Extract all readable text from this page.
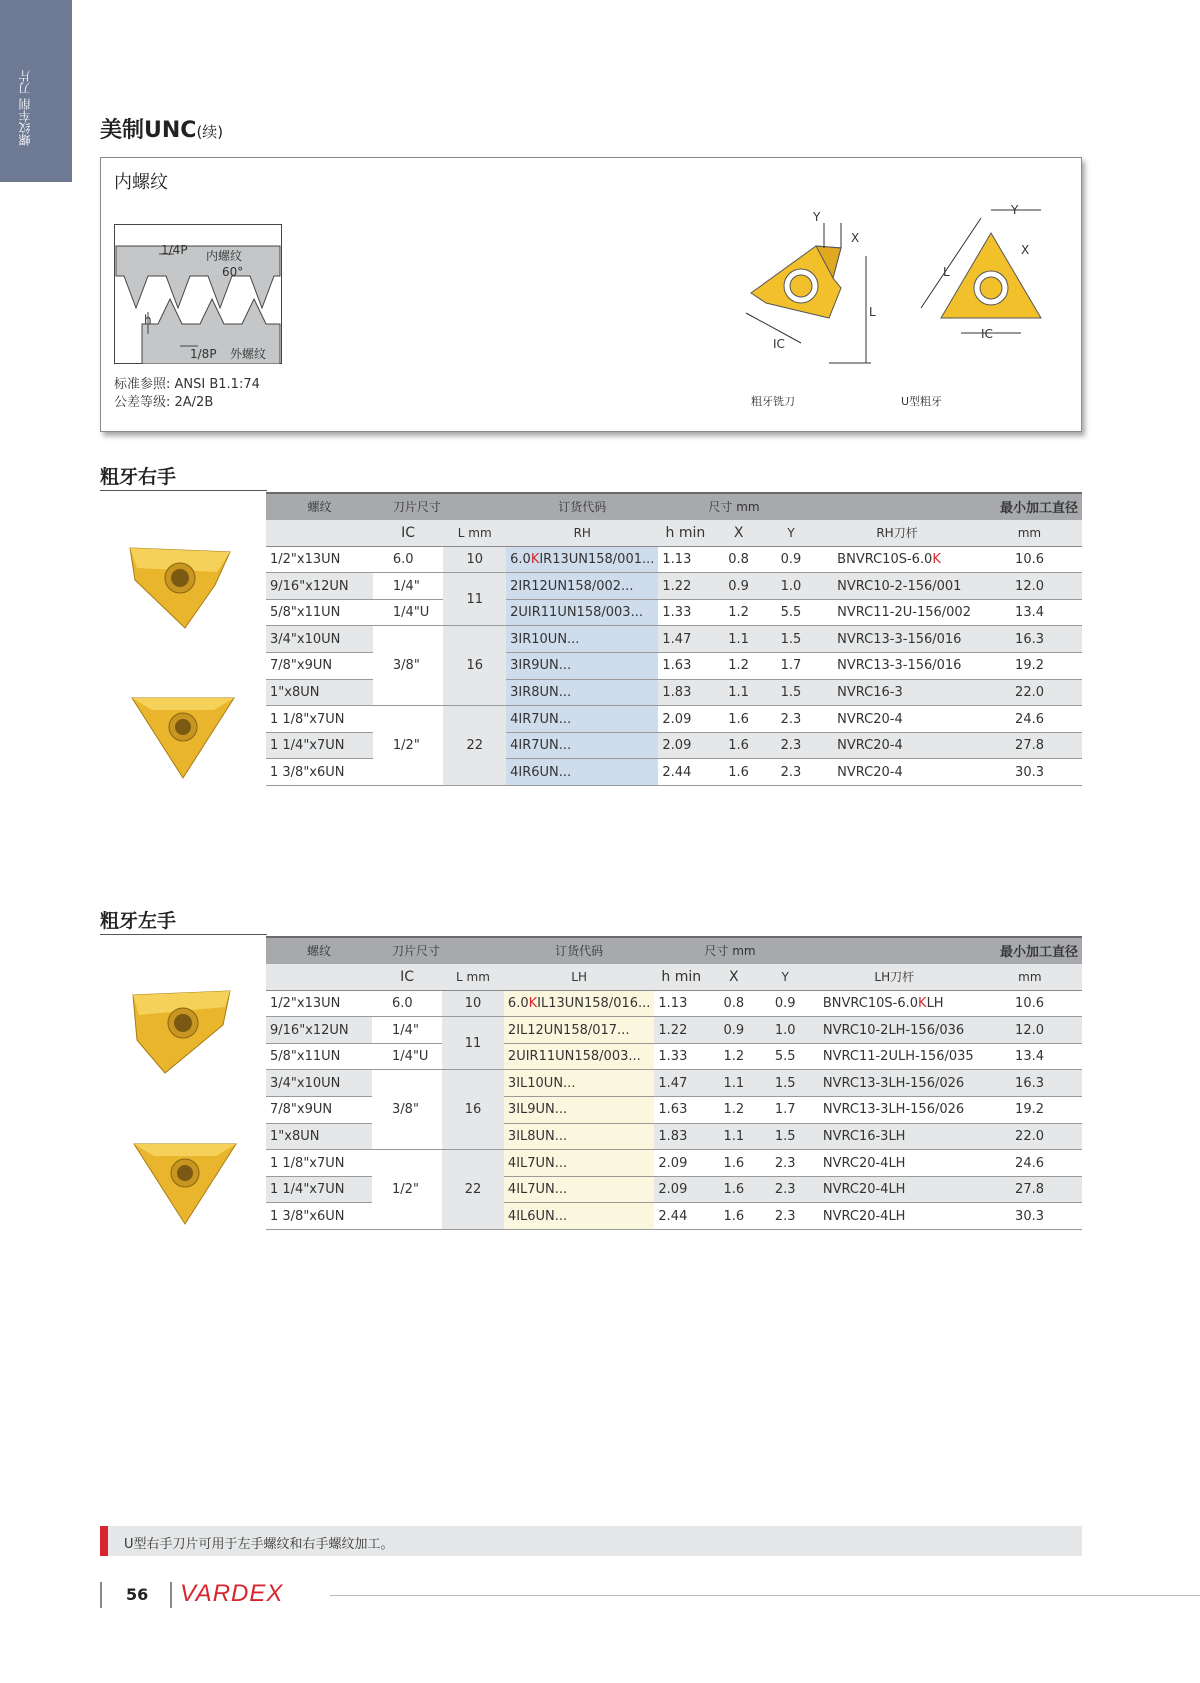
螺纹车削 刀片	美制UNC(续)
内螺纹
1/4P 内螺纹
60°
h
1/8P 外螺纹
标准参照: ANSI B1.1:74
公差等级: 2A/2B
Y
X
L
IC
Y
X
L
IC
粗牙铣刀	U型粗牙
粗牙右手
螺纹	刀片尺寸		订货代码	尺寸 mm				最小加工直径
	IC	L mm	RH	h min	X	Y	RH刀杆	mm
1/2"x13UN	6.0	10	6.0KIR13UN158/001...	1.13	0.8	0.9	BNVRC10S-6.0K	10.6
9/16"x12UN	1/4"	11	2IR12UN158/002...	1.22	0.9	1.0	NVRC10-2-156/001	12.0
5/8"x11UN	1/4"U		2UIR11UN158/003...	1.33	1.2	5.5	NVRC11-2U-156/002	13.4
3/4"x10UN	3/8"	16	3IR10UN...	1.47	1.1	1.5	NVRC13-3-156/016	16.3
7/8"x9UN			3IR9UN...	1.63	1.2	1.7	NVRC13-3-156/016	19.2
1"x8UN			3IR8UN...	1.83	1.1	1.5	NVRC16-3	22.0
1 1/8"x7UN	1/2"	22	4IR7UN...	2.09	1.6	2.3	NVRC20-4	24.6
1 1/4"x7UN			4IR7UN...	2.09	1.6	2.3	NVRC20-4	27.8
1 3/8"x6UN			4IR6UN...	2.44	1.6	2.3	NVRC20-4	30.3
粗牙左手
螺纹	刀片尺寸		订货代码	尺寸 mm				最小加工直径
	IC	L mm	LH	h min	X	Y	LH刀杆	mm
1/2"x13UN	6.0	10	6.0KIL13UN158/016...	1.13	0.8	0.9	BNVRC10S-6.0KLH	10.6
9/16"x12UN	1/4"	11	2IL12UN158/017...	1.22	0.9	1.0	NVRC10-2LH-156/036	12.0
5/8"x11UN	1/4"U		2UIR11UN158/003...	1.33	1.2	5.5	NVRC11-2ULH-156/035	13.4
3/4"x10UN	3/8"	16	3IL10UN...	1.47	1.1	1.5	NVRC13-3LH-156/026	16.3
7/8"x9UN			3IL9UN...	1.63	1.2	1.7	NVRC13-3LH-156/026	19.2
1"x8UN			3IL8UN...	1.83	1.1	1.5	NVRC16-3LH	22.0
1 1/8"x7UN	1/2"	22	4IL7UN...	2.09	1.6	2.3	NVRC20-4LH	24.6
1 1/4"x7UN			4IL7UN...	2.09	1.6	2.3	NVRC20-4LH	27.8
1 3/8"x6UN			4IL6UN...	2.44	1.6	2.3	NVRC20-4LH	30.3
U型右手刀片可用于左手螺纹和右手螺纹加工。
56 VARDEX
